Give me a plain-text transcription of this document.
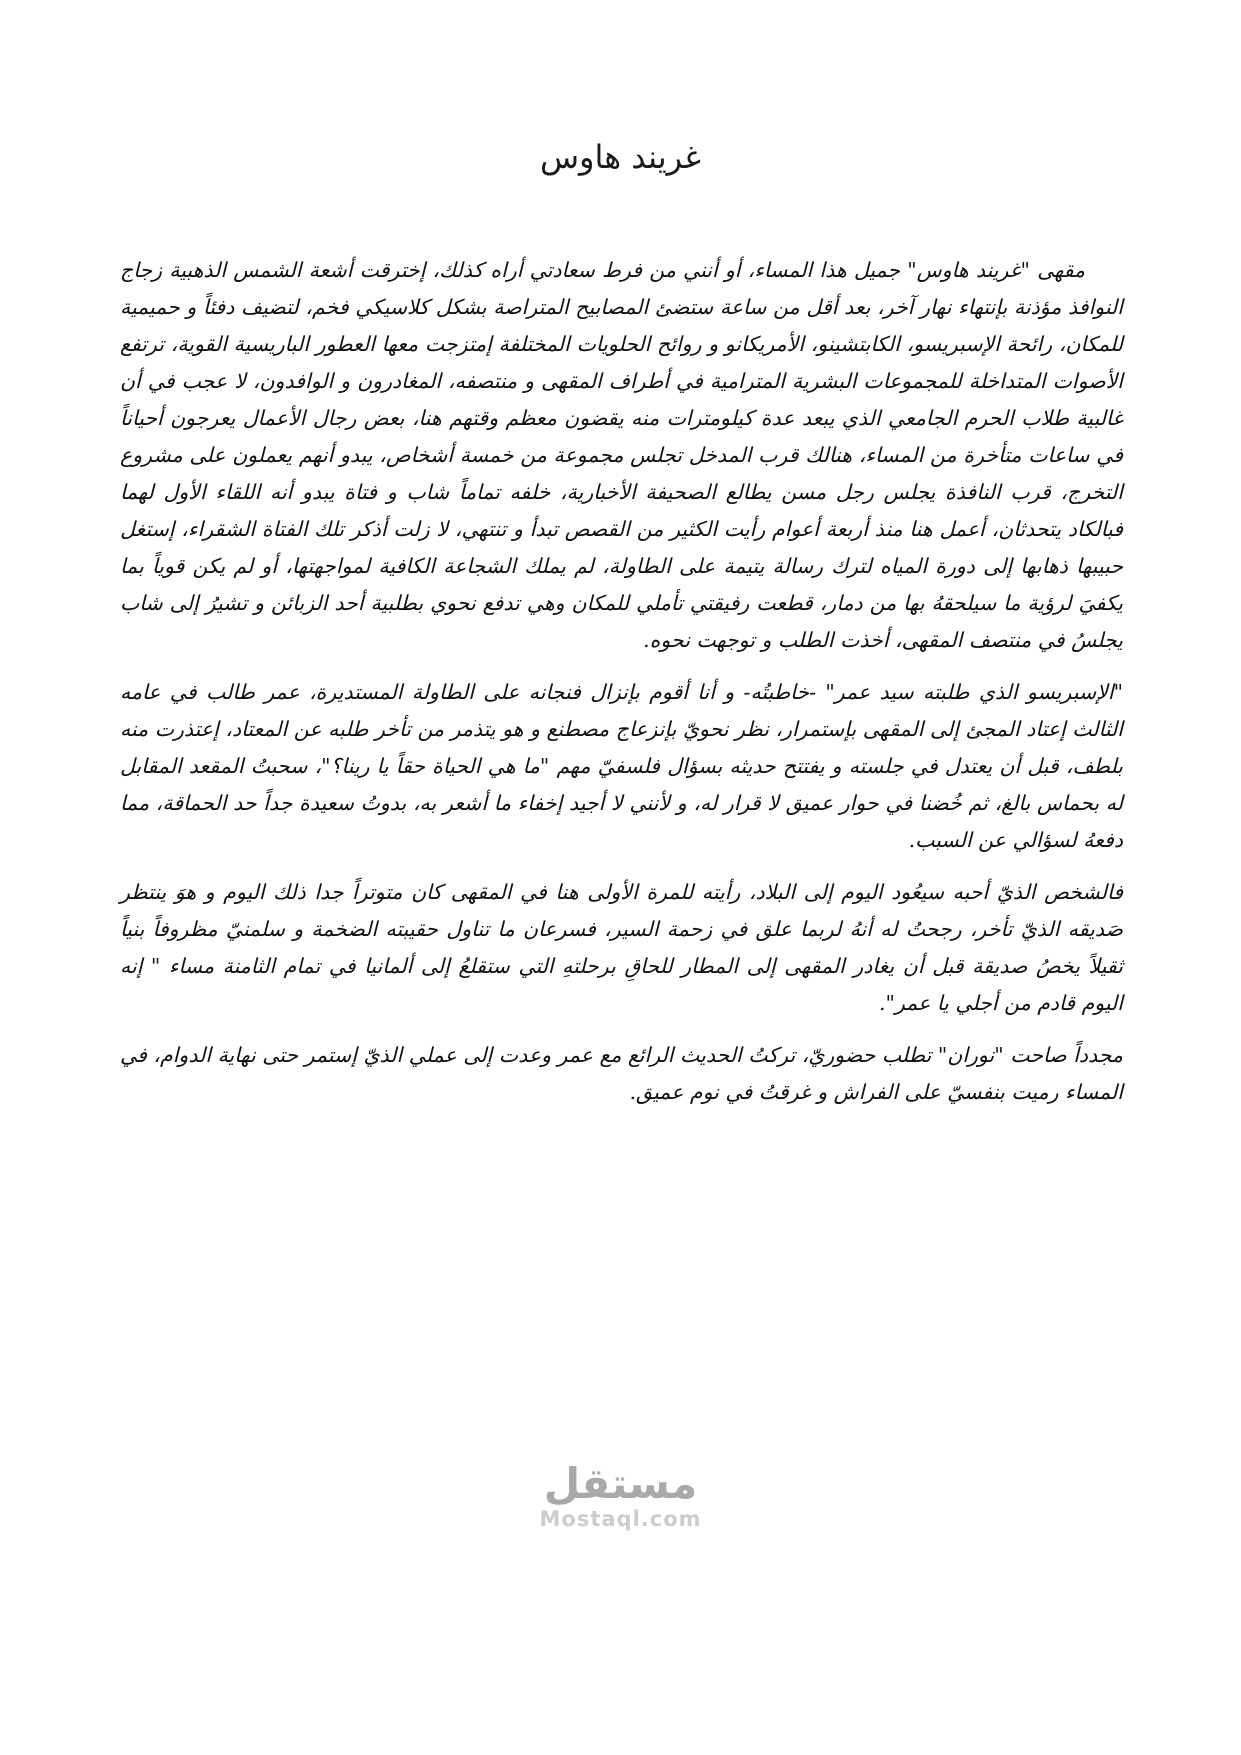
غريند هاوس

مقهى "غريند هاوس" جميل هذا المساء، أو أنني من فرط سعادتي أراه كذلك، إخترقت أشعة الشمس الذهبية زجاج النوافذ مؤذنة بإنتهاء نهار آخر، بعد أقل من ساعة ستضئ المصابيح المتراصة بشكل كلاسيكي فخم، لتضيف دفئاً و حميمية للمكان، رائحة الإسبريسو، الكابتشينو، الأمريكانو و روائح الحلويات المختلفة إمتزجت معها العطور الباريسية القوية، ترتفع الأصوات المتداخلة للمجموعات البشرية المترامية في أطراف المقهى و منتصفه، المغادرون و الوافدون، لا عجب في أن غالبية طلاب الحرم الجامعي الذي يبعد عدة كيلومترات منه يقضون معظم وقتهم هنا، بعض رجال الأعمال يعرجون أحياناً في ساعات متأخرة من المساء، هنالك قرب المدخل تجلس مجموعة من خمسة أشخاص، يبدو أنهم يعملون على مشروع التخرج، قرب النافذة يجلس رجل مسن يطالع الصحيفة الأخبارية، خلفه تماماً شاب و فتاة يبدو أنه اللقاء الأول لهما فبالكاد يتحدثان، أعمل هنا منذ أربعة أعوام رأيت الكثير من القصص تبدأ و تنتهي، لا زلت أذكر تلك الفتاة الشقراء، إستغل حبيبها ذهابها إلى دورة المياه لترك رسالة يتيمة على الطاولة، لم يملك الشجاعة الكافية لمواجهتها، أو لم يكن قوياً بما يكفيَ لرؤية ما سيلحقهُ بها من دمار، قطعت رفيقتي تأملي للمكان وهي تدفع نحوي بطلبية أحد الزبائن و تشيرُ إلى شاب يجلسُ في منتصف المقهى، أخذت الطلب و توجهت نحوه.

"الإسبريسو الذي طلبته سيد عمر" -خاطبتُه- و أنا أقوم بإنزال فنجانه على الطاولة المستديرة، عمر طالب في عامه الثالث إعتاد المجئ إلى المقهى بإستمرار، نظر نحويّ بإنزعاج مصطنع و هو يتذمر من تأخر طلبه عن المعتاد، إعتذرت منه بلطف، قبل أن يعتدل في جلسته و يفتتح حديثه بسؤال فلسفيّ مهم "ما هي الحياة حقاً يا رينا؟"، سحبتُ المقعد المقابل له بحماس بالغ، ثم خُضنا في حوار عميق لا قرار له، و لأنني لا أجيد إخفاء ما أشعر به، بدوتُ سعيدة جداً حد الحماقة، مما دفعهُ لسؤالي عن السبب.

فالشخص الذيّ أحبه سيعُود اليوم إلى البلاد، رأيته للمرة الأولى هنا في المقهى كان متوتراً جدا ذلك اليوم و هوَ ينتظر صَديقه الذيّ تأخر، رجحتُ له أنهُ لربما علق في زحمة السير، فسرعان ما تناول حقيبته الضخمة و سلمنيّ مظروفاً بنياً ثقيلاً يخصُ صديقة قبل أن يغادر المقهى إلى المطار للحاقِ برحلتهِ التي ستقلعُ إلى ألمانيا في تمام الثامنة مساء " إنه اليوم قادم من أجلي يا عمر".

مجدداً صاحت "نوران" تطلب حضوريّ، تركتُ الحديث الرائع مع عمر وعدت إلى عملي الذيّ إستمر حتى نهاية الدوام، في المساء رميت بنفسيّ على الفراش و غرقتُ في نوم عميق.

مستقل
Mostaql.com
